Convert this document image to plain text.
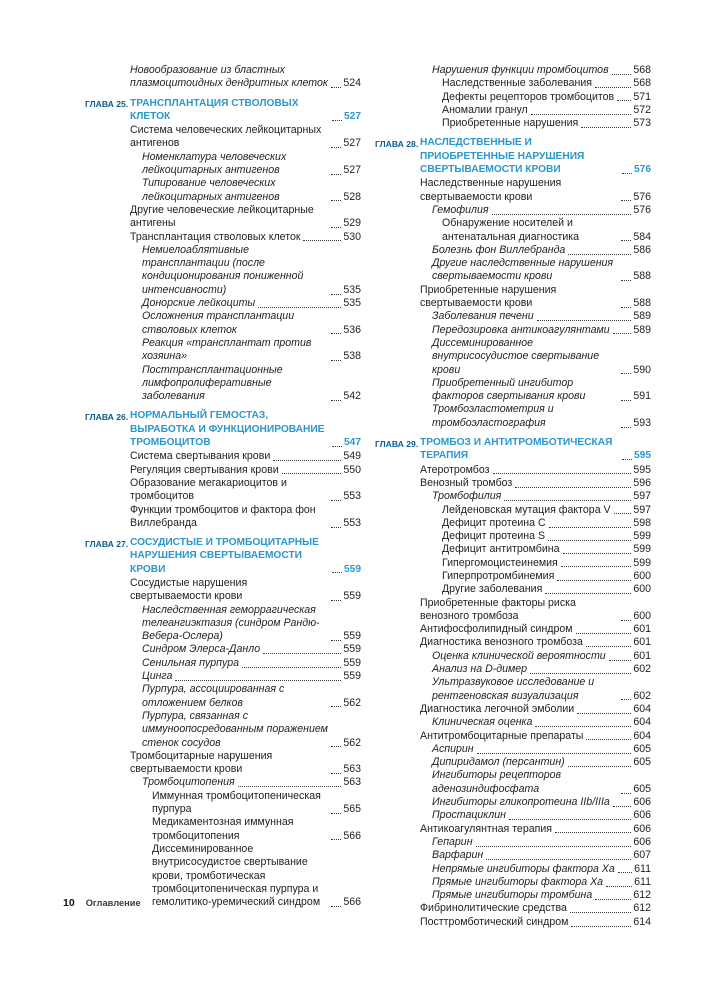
Новообразование из бластных плазмоцитоидных дендритных клеток 524
ГЛАВА 25. ТРАНСПЛАНТАЦИЯ СТВОЛОВЫХ КЛЕТОК	527
Система человеческих лейкоцитарных антигенов	527
Номенклатура человеческих лейкоцитарных антигенов	527
Типирование человеческих лейкоцитарных антигенов	528
Другие человеческие лейкоцитарные антигены	529
Трансплантация стволовых клеток	530
Немиелоаблятивные трансплантации (после кондиционирования пониженной интенсивности)	535
Донорские лейкоциты	535
Осложнения трансплантации стволовых клеток	536
Реакция «трансплантат против хозяина»	538
Посттрансплантационные лимфопролиферативные заболевания	542
ГЛАВА 26. НОРМАЛЬНЫЙ ГЕМОСТАЗ, ВЫРАБОТКА И ФУНКЦИОНИРОВАНИЕ ТРОМБОЦИТОВ	547
Система свертывания крови	549
Регуляция свертывания крови	550
Образование мегакариоцитов и тромбоцитов	553
Функции тромбоцитов и фактора фон Виллебранда	553
ГЛАВА 27. СОСУДИСТЫЕ И ТРОМБОЦИТАРНЫЕ НАРУШЕНИЯ СВЕРТЫВАЕМОСТИ КРОВИ	559
Сосудистые нарушения свертываемости крови	559
Наследственная геморрагическая телеангиэктазия (синдром Рандю-Вебера-Ослера)	559
Синдром Элерса-Данло	559
Сенильная пурпура	559
Цинга	559
Пурпура, ассоциированная с отложением белков	562
Пурпура, связанная с иммуноопосредованным поражением стенок сосудов	562
Тромбоцитарные нарушения свертываемости крови	563
Тромбоцитопения	563
Иммунная тромбоцитопеническая пурпура	565
Медикаментозная иммунная тромбоцитопения	566
Диссеминированное внутрисосудистое свертывание крови, тромботическая тромбоцитопеническая пурпура и гемолитико-уремический синдром	566
Нарушения функции тромбоцитов 568
Наследственные заболевания	568
Дефекты рецепторов тромбоцитов 571
Аномалии гранул	572
Приобретенные нарушения	573
ГЛАВА 28. НАСЛЕДСТВЕННЫЕ И ПРИОБРЕТЕННЫЕ НАРУШЕНИЯ СВЕРТЫВАЕМОСТИ КРОВИ	576
Наследственные нарушения свертываемости крови	576
Гемофилия	576
Обнаружение носителей и антенатальная диагностика	584
Болезнь фон Виллебранда	586
Другие наследственные нарушения свертываемости крови	588
Приобретенные нарушения свертываемости крови	588
Заболевания печени	589
Передозировка антикоагулянтами 589
Диссеминированное внутрисосудистое свертывание крови	590
Приобретенный ингибитор факторов свертывания крови	591
Тромбоэластометрия и тромбоэластография	593
ГЛАВА 29. ТРОМБОЗ И АНТИТРОМБОТИЧЕСКАЯ ТЕРАПИЯ	595
Атеротромбоз	595
Венозный тромбоз	596
Тромбофилия	597
Лейденовская мутация фактора V 597
Дефицит протеина С	598
Дефицит протеина S	599
Дефицит антитромбина	599
Гипергомоцистеинемия	599
Гиперпротромбинемия	600
Другие заболевания	600
Приобретенные факторы риска венозного тромбоза	600
Антифосфолипидный синдром	601
Диагностика венозного тромбоза	601
Оценка клинической вероятности	601
Анализ на D-димер	602
Ультразвуковое исследование и рентгеновская визуализация	602
Диагностика легочной эмболии	604
Клиническая оценка	604
Антитромбоцитарные препараты	604
Аспирин	605
Дипиридамол (персантин)	605
Ингибиторы рецепторов аденозиндифосфата	605
Ингибиторы гликопротеина IIb/IIIa 606
Простациклин	606
Антикоагулянтная терапия	606
Гепарин	606
Варфарин	607
Непрямые ингибиторы фактора Ха 611
Прямые ингибиторы фактора Ха	611
Прямые ингибиторы тромбина	612
Фибринолитические средства	612
Посттромботический синдром	614
10 Оглавление
